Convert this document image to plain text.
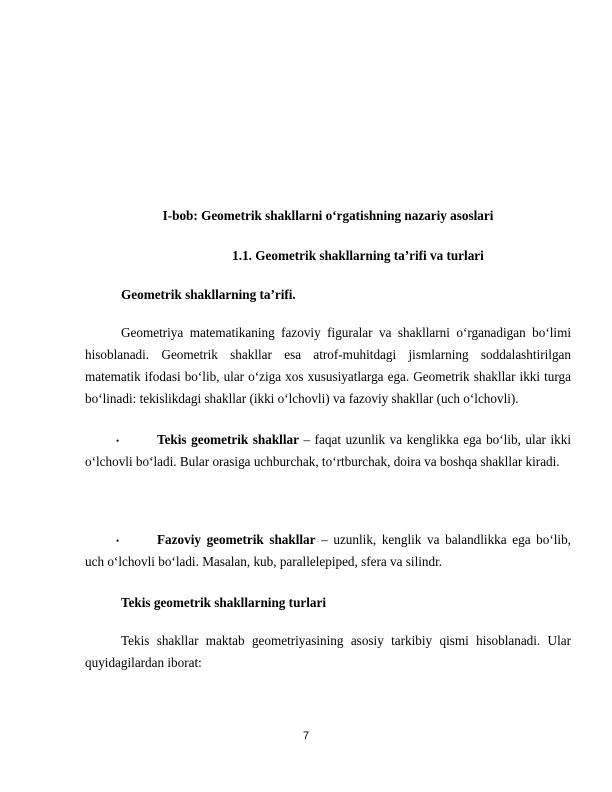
I-bob: Geometrik shakllarni o‘rgatishning nazariy asoslari
1.1. Geometrik shakllarning ta’rifi va turlari
Geometrik shakllarning ta’rifi.
Geometriya matematikaning fazoviy figuralar va shakllarni o‘rganadigan bo‘limi hisoblanadi. Geometrik shakllar esa atrof-muhitdagi jismlarning soddalashtirilgan matematik ifodasi bo‘lib, ular o‘ziga xos xususiyatlarga ega. Geometrik shakllar ikki turga bo‘linadi: tekislikdagi shakllar (ikki o‘lchovli) va fazoviy shakllar (uch o‘lchovli).
•	Tekis geometrik shakllar – faqat uzunlik va kenglikka ega bo‘lib, ular ikki o‘lchovli bo‘ladi. Bular orasiga uchburchak, to‘rtburchak, doira va boshqa shakllar kiradi.
•	Fazoviy geometrik shakllar – uzunlik, kenglik va balandlikka ega bo‘lib, uch o‘lchovli bo‘ladi. Masalan, kub, parallelepiped, sfera va silindr.
Tekis geometrik shakllarning turlari
Tekis shakllar maktab geometriyasining asosiy tarkibiy qismi hisoblanadi. Ular quyidagilardan iborat:
7
